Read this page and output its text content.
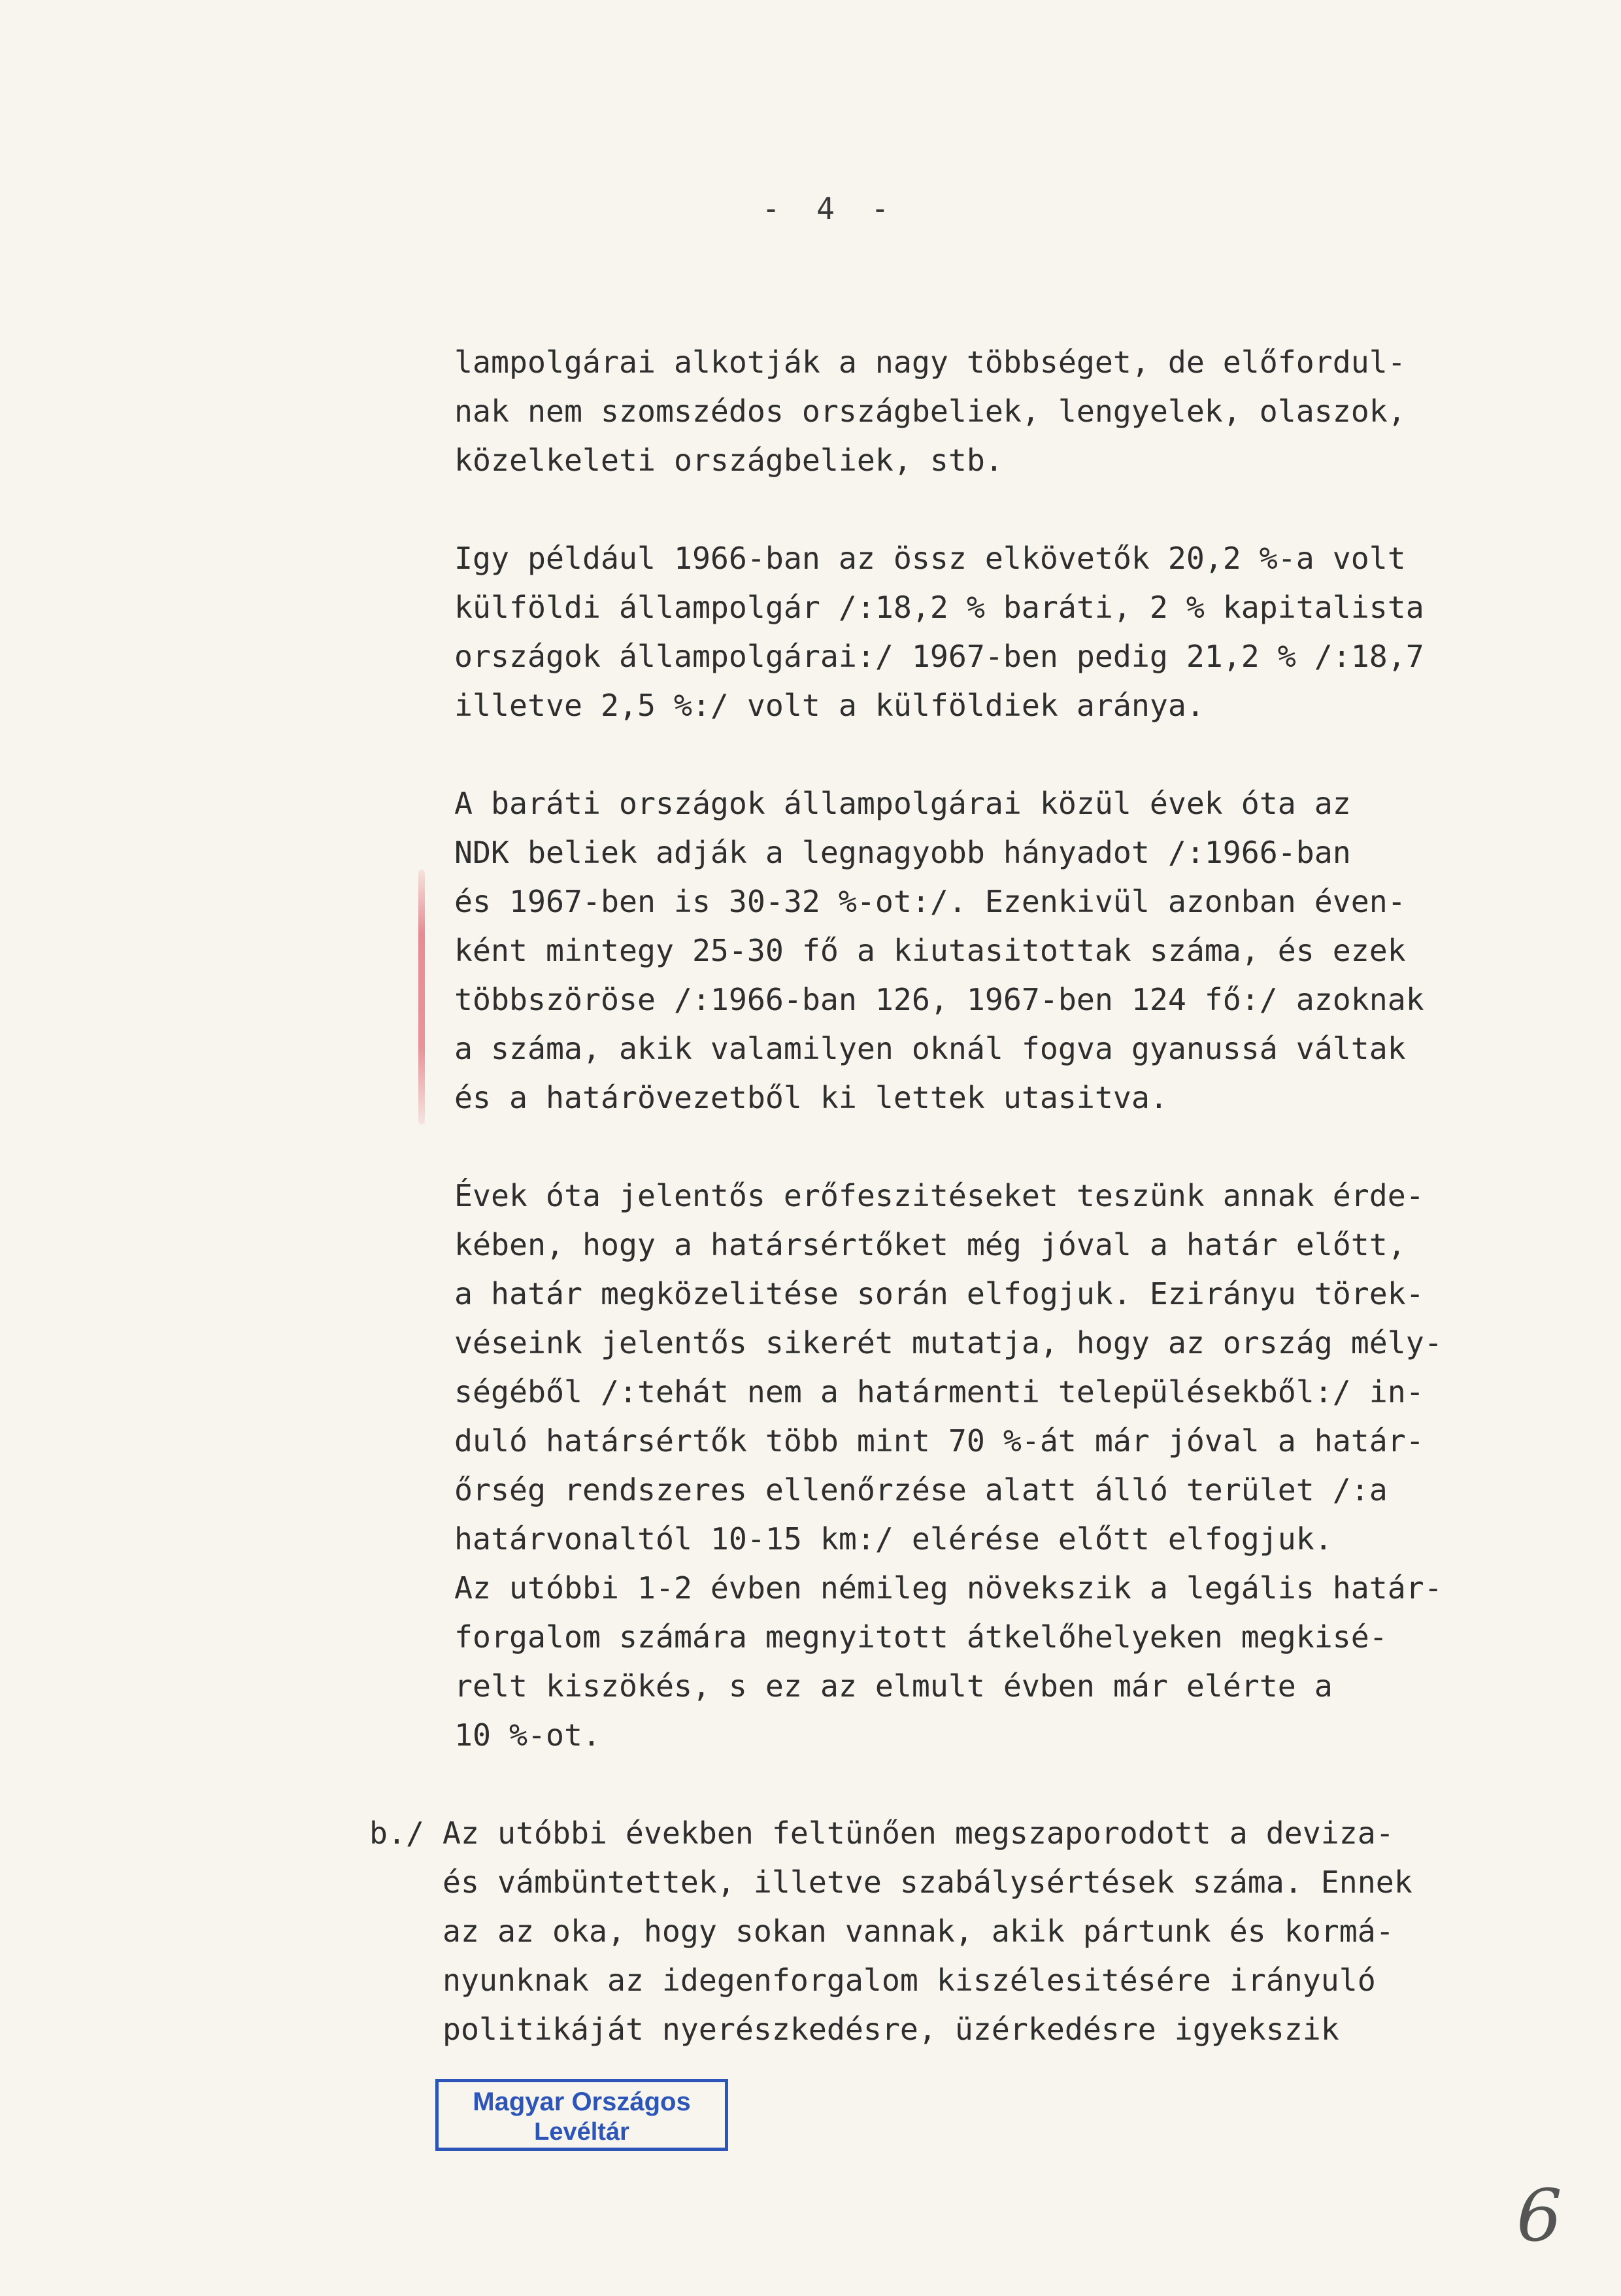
- 4 -
lampolgárai alkotják a nagy többséget, de előfordul-
nak nem szomszédos országbeliek, lengyelek, olaszok,
közelkeleti országbeliek, stb.
Igy például 1966-ban az össz elkövetők 20,2 %-a volt
külföldi állampolgár /:18,2 % baráti, 2 % kapitalista
országok állampolgárai:/ 1967-ben pedig 21,2 % /:18,7
illetve 2,5 %:/ volt a külföldiek aránya.
A baráti országok állampolgárai közül évek óta az
NDK beliek adják a legnagyobb hányadot /:1966-ban
és 1967-ben is 30-32 %-ot:/. Ezenkivül azonban éven-
ként mintegy 25-30 fő a kiutasitottak száma, és ezek
többszöröse /:1966-ban 126, 1967-ben 124 fő:/ azoknak
a száma, akik valamilyen oknál fogva gyanussá váltak
és a határövezetből ki lettek utasitva.
Évek óta jelentős erőfeszitéseket teszünk annak érde-
kében, hogy a határsértőket még jóval a határ előtt,
a határ megközelitése során elfogjuk. Ezirányu törek-
véseink jelentős sikerét mutatja, hogy az ország mély-
ségéből /:tehát nem a határmenti településekből:/ in-
duló határsértők több mint 70 %-át már jóval a határ-
őrség rendszeres ellenőrzése alatt álló terület /:a
határvonaltól 10-15 km:/ elérése előtt elfogjuk.
Az utóbbi 1-2 évben némileg növekszik a legális határ-
forgalom számára megnyitott átkelőhelyeken megkisé-
relt kiszökés, s ez az elmult évben már elérte a
10 %-ot.
b./ Az utóbbi években feltünően megszaporodott a deviza-
és vámbüntettek, illetve szabálysértések száma. Ennek
az az oka, hogy sokan vannak, akik pártunk és kormá-
nyunknak az idegenforgalom kiszélesitésére irányuló
politikáját nyerészkedésre, üzérkedésre igyekszik
Magyar Országos
Levéltár
6
